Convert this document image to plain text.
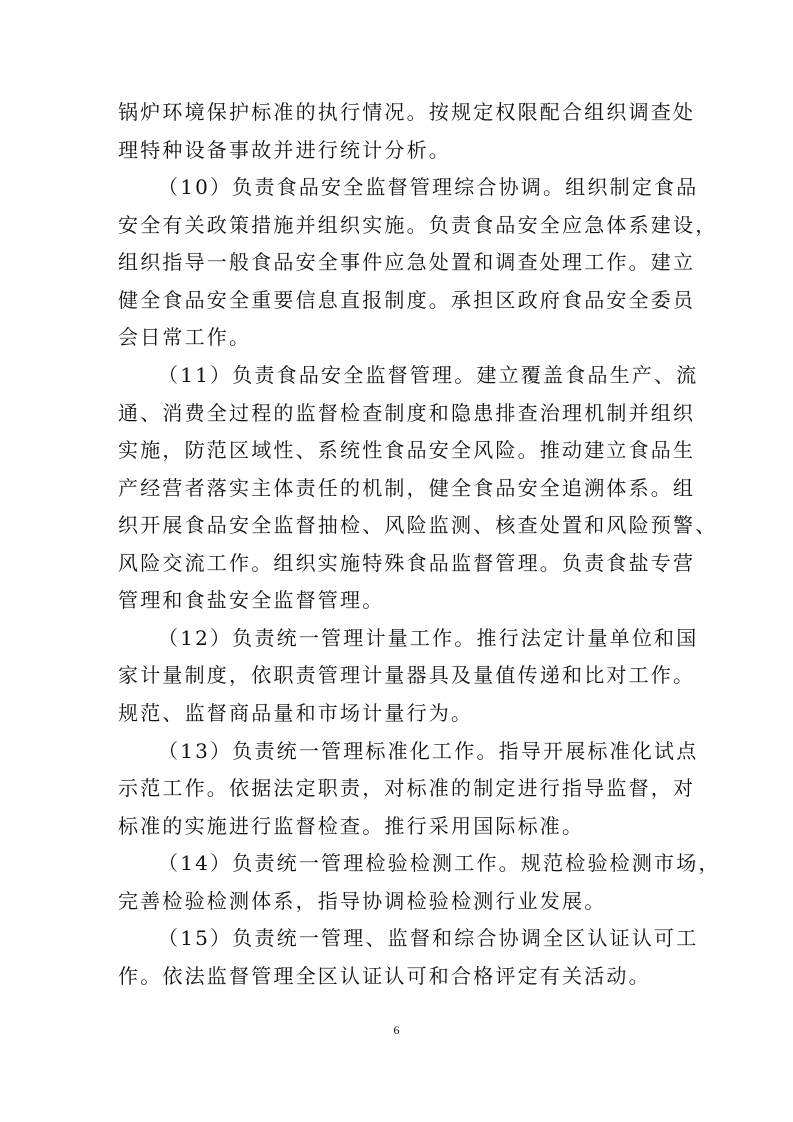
锅炉环境保护标准的执行情况。按规定权限配合组织调查处
理特种设备事故并进行统计分析。
（10）负责食品安全监督管理综合协调。组织制定食品
安全有关政策措施并组织实施。负责食品安全应急体系建设，
组织指导一般食品安全事件应急处置和调查处理工作。建立
健全食品安全重要信息直报制度。承担区政府食品安全委员
会日常工作。
（11）负责食品安全监督管理。建立覆盖食品生产、流
通、消费全过程的监督检查制度和隐患排查治理机制并组织
实施，防范区域性、系统性食品安全风险。推动建立食品生
产经营者落实主体责任的机制，健全食品安全追溯体系。组
织开展食品安全监督抽检、风险监测、核查处置和风险预警、
风险交流工作。组织实施特殊食品监督管理。负责食盐专营
管理和食盐安全监督管理。
（12）负责统一管理计量工作。推行法定计量单位和国
家计量制度，依职责管理计量器具及量值传递和比对工作。
规范、监督商品量和市场计量行为。
（13）负责统一管理标准化工作。指导开展标准化试点
示范工作。依据法定职责，对标准的制定进行指导监督，对
标准的实施进行监督检查。推行采用国际标准。
（14）负责统一管理检验检测工作。规范检验检测市场，
完善检验检测体系，指导协调检验检测行业发展。
（15）负责统一管理、监督和综合协调全区认证认可工
作。依法监督管理全区认证认可和合格评定有关活动。
6
